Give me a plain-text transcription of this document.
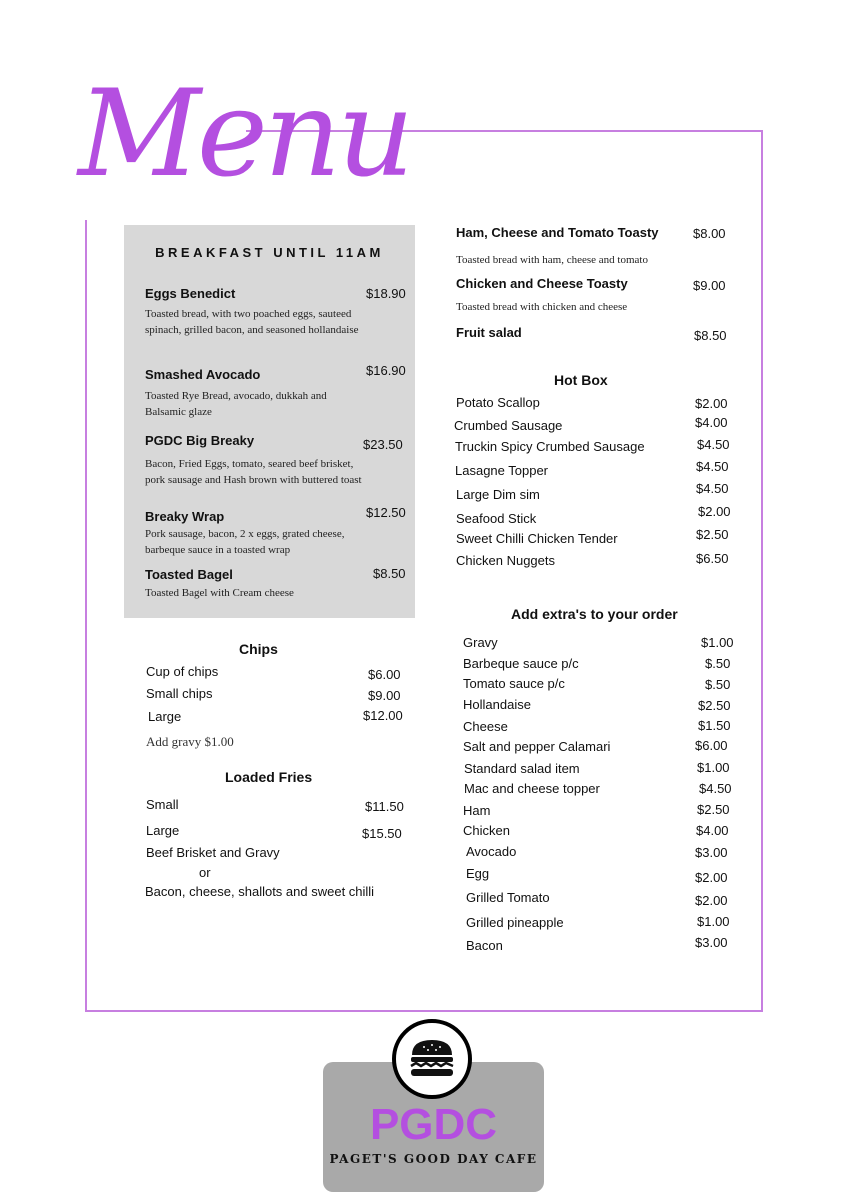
Menu
BREAKFAST UNTIL 11AM
Eggs Benedict	$18.90
Toasted bread, with two poached eggs, sauteed spinach, grilled bacon, and seasoned hollandaise
Smashed Avocado	$16.90
Toasted Rye Bread, avocado, dukkah and Balsamic glaze
PGDC Big Breaky	$23.50
Bacon, Fried Eggs, tomato, seared beef brisket, pork sausage and Hash brown with buttered toast
Breaky Wrap	$12.50
Pork sausage, bacon, 2 x eggs, grated cheese, barbeque sauce in a toasted wrap
Toasted Bagel	$8.50
Toasted Bagel with Cream cheese
Chips
Cup of chips	$6.00
Small chips	$9.00
Large	$12.00
Add gravy $1.00
Loaded Fries
Small	$11.50
Large	$15.50
Beef Brisket and Gravy
or
Bacon, cheese, shallots and sweet chilli
Ham, Cheese and Tomato Toasty	$8.00
Toasted bread with ham, cheese and tomato
Chicken and Cheese Toasty	$9.00
Toasted bread with chicken and cheese
Fruit salad	$8.50
Hot Box
Potato Scallop	$2.00
Crumbed Sausage	$4.00
Truckin Spicy Crumbed Sausage	$4.50
Lasagne Topper	$4.50
Large Dim sim	$4.50
Seafood Stick	$2.00
Sweet Chilli Chicken Tender	$2.50
Chicken Nuggets	$6.50
Add extra's to your order
Gravy	$1.00
Barbeque sauce p/c	$.50
Tomato sauce p/c	$.50
Hollandaise	$2.50
Cheese	$1.50
Salt and pepper Calamari	$6.00
Standard salad item	$1.00
Mac and cheese topper	$4.50
Ham	$2.50
Chicken	$4.00
Avocado	$3.00
Egg	$2.00
Grilled Tomato	$2.00
Grilled pineapple	$1.00
Bacon	$3.00

PGDC

PAGET'S GOOD DAY CAFE
